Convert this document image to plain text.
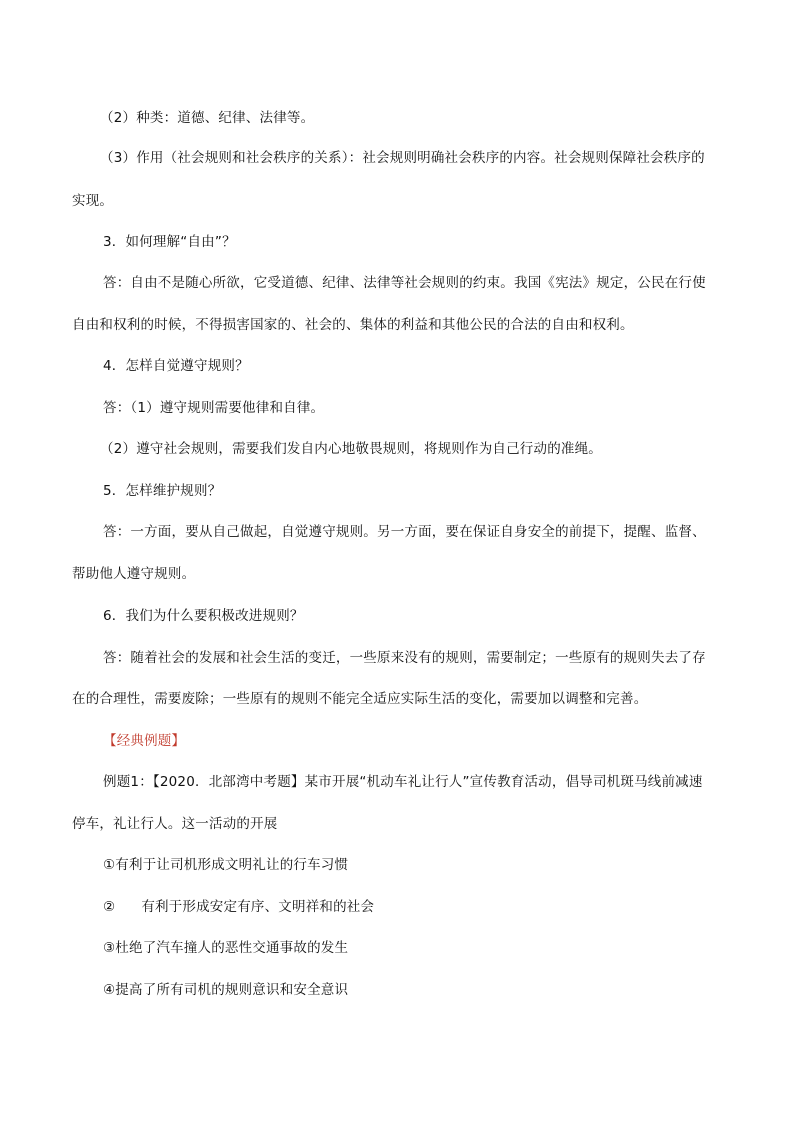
（2）种类：道德、纪律、法律等。
（3）作用（社会规则和社会秩序的关系）：社会规则明确社会秩序的内容。社会规则保障社会秩序的
实现。
3．如何理解“自由”？
答：自由不是随心所欲，它受道德、纪律、法律等社会规则的约束。我国《宪法》规定，公民在行使
自由和权利的时候，不得损害国家的、社会的、集体的利益和其他公民的合法的自由和权利。
4．怎样自觉遵守规则？
答：（1）遵守规则需要他律和自律。
（2）遵守社会规则，需要我们发自内心地敬畏规则，将规则作为自己行动的准绳。
5．怎样维护规则？
答：一方面，要从自己做起，自觉遵守规则。另一方面，要在保证自身安全的前提下，提醒、监督、
帮助他人遵守规则。
6．我们为什么要积极改进规则？
答：随着社会的发展和社会生活的变迁，一些原来没有的规则，需要制定；一些原有的规则失去了存
在的合理性，需要废除；一些原有的规则不能完全适应实际生活的变化，需要加以调整和完善。
【经典例题】
例题1：【2020．北部湾中考题】某市开展“机动车礼让行人”宣传教育活动，倡导司机斑马线前减速
停车，礼让行人。这一活动的开展
①有利于让司机形成文明礼让的行车习惯
② 有利于形成安定有序、文明祥和的社会
③杜绝了汽车撞人的恶性交通事故的发生
④提高了所有司机的规则意识和安全意识
